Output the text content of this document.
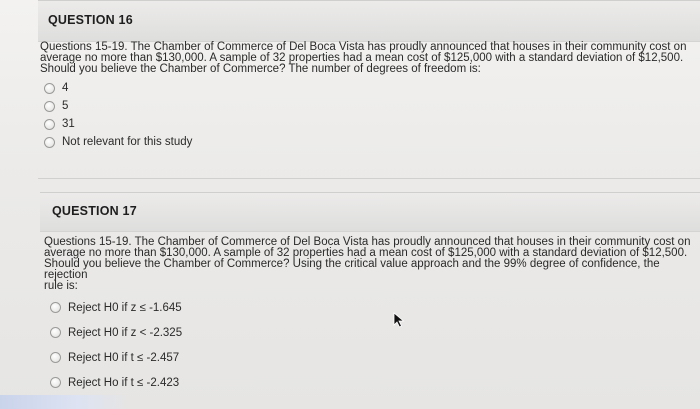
QUESTION 16
Questions 15-19. The Chamber of Commerce of Del Boca Vista has proudly announced that houses in their community cost on
average no more than $130,000. A sample of 32 properties had a mean cost of $125,000 with a standard deviation of $12,500.
Should you believe the Chamber of Commerce? The number of degrees of freedom is:
4
5
31
Not relevant for this study
QUESTION 17
Questions 15-19. The Chamber of Commerce of Del Boca Vista has proudly announced that houses in their community cost on
average no more than $130,000. A sample of 32 properties had a mean cost of $125,000 with a standard deviation of $12,500.
Should you believe the Chamber of Commerce? Using the critical value approach and the 99% degree of confidence, the rejection
rule is:
Reject H0 if z ≤ -1.645
Reject H0 if z < -2.325
Reject H0 if t ≤ -2.457
Reject Ho if t ≤ -2.423
